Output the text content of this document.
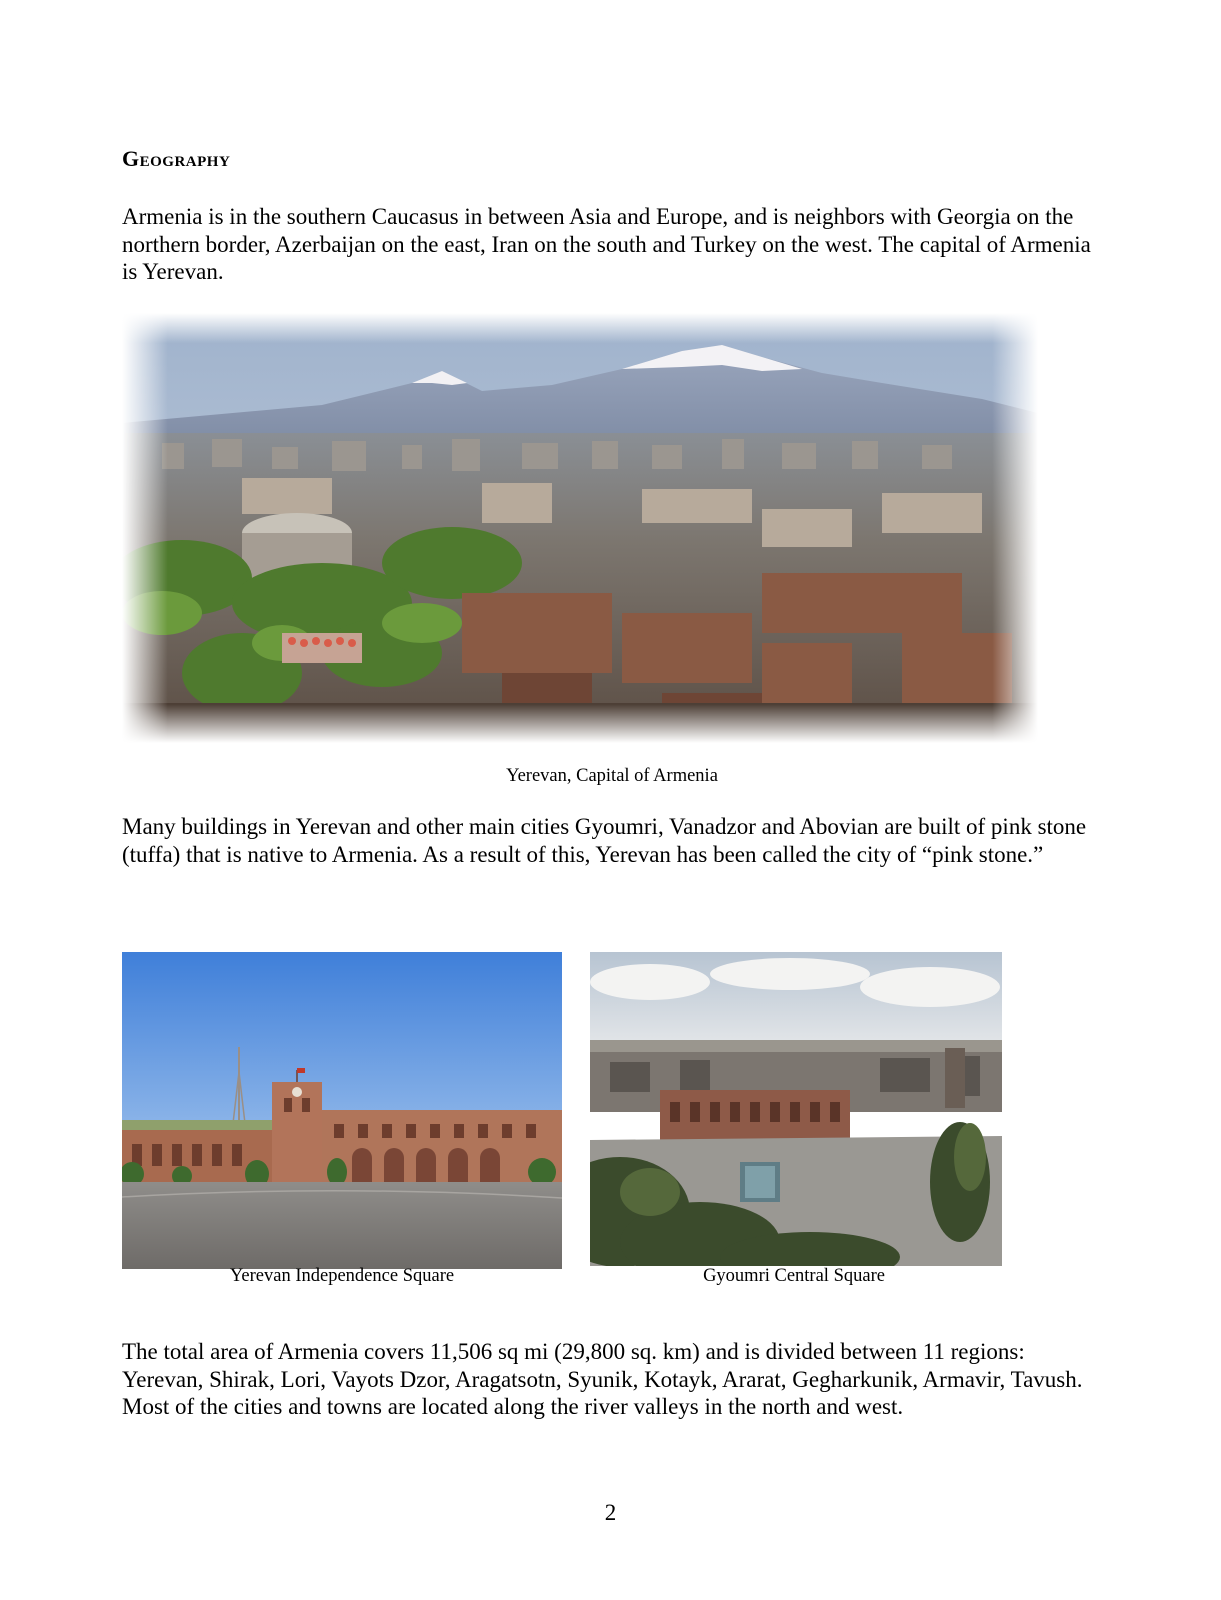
Geography

Armenia is in the southern Caucasus in between Asia and Europe, and is neighbors with Georgia on the northern border, Azerbaijan on the east, Iran on the south and Turkey on the west. The capital of Armenia is Yerevan.

Yerevan, Capital of Armenia

Many buildings in Yerevan and other main cities Gyoumri, Vanadzor and Abovian are built of pink stone (tuffa) that is native to Armenia. As a result of this, Yerevan has been called the city of “pink stone.”

Yerevan Independence Square	Gyoumri Central Square

The total area of Armenia covers 11,506 sq mi (29,800 sq. km) and is divided between 11 regions: Yerevan, Shirak, Lori, Vayots Dzor, Aragatsotn, Syunik, Kotayk, Ararat, Gegharkunik, Armavir, Tavush. Most of the cities and towns are located along the river valleys in the north and west.

2
